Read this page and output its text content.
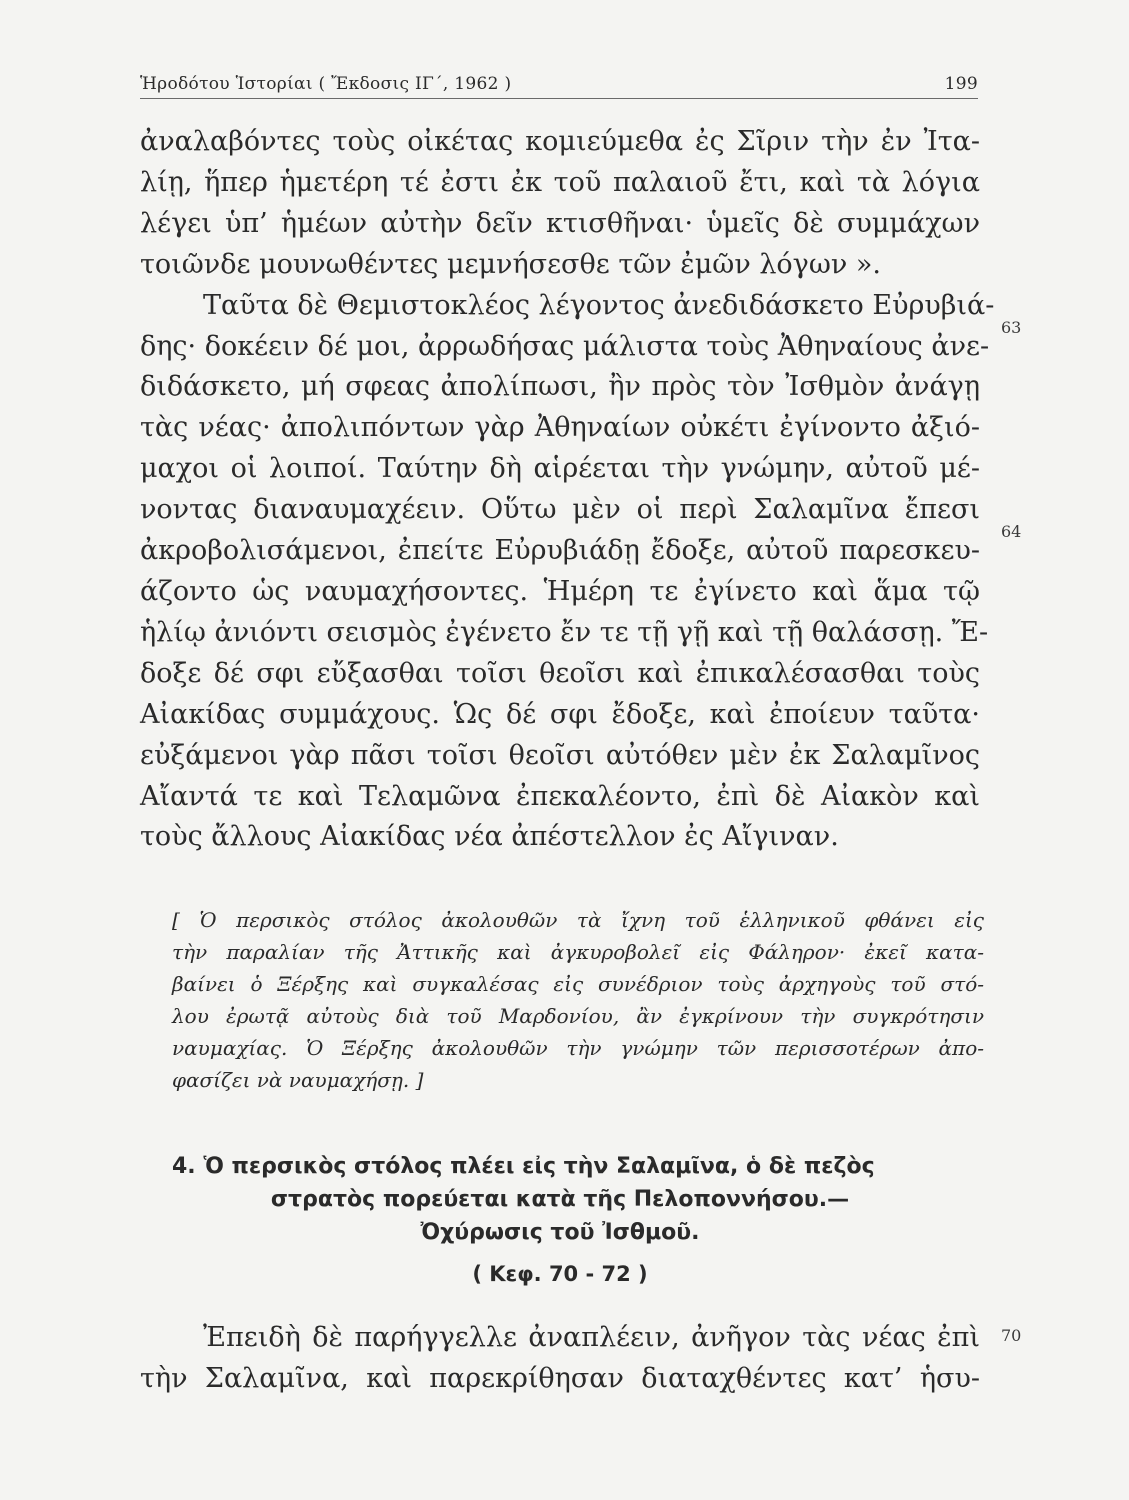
Ἡροδότου Ἱστορίαι ( Ἔκδοσις ΙΓ΄, 1962 )	199
ἀναλαβόντες τοὺς οἰκέτας κομιεύμεθα ἐς Σῖριν τὴν ἐν Ἰτα-
λίῃ, ἥπερ ἡμετέρη τέ ἐστι ἐκ τοῦ παλαιοῦ ἔτι, καὶ τὰ λόγια
λέγει ὑπ’ ἡμέων αὐτὴν δεῖν κτισθῆναι· ὑμεῖς δὲ συμμάχων
τοιῶνδε μουνωθέντες μεμνήσεσθε τῶν ἐμῶν λόγων ».
Ταῦτα δὲ Θεμιστοκλέος λέγοντος ἀνεδιδάσκετο Εὐρυβιά-
δης· δοκέειν δέ μοι, ἀρρωδήσας μάλιστα τοὺς Ἀθηναίους ἀνε-
διδάσκετο, μή σφεας ἀπολίπωσι, ἢν πρὸς τὸν Ἰσθμὸν ἀνάγῃ
τὰς νέας· ἀπολιπόντων γὰρ Ἀθηναίων οὐκέτι ἐγίνοντο ἀξιό-
μαχοι οἱ λοιποί. Ταύτην δὴ αἱρέεται τὴν γνώμην, αὐτοῦ μέ-
νοντας διαναυμαχέειν. Οὕτω μὲν οἱ περὶ Σαλαμῖνα ἔπεσι
ἀκροβολισάμενοι, ἐπείτε Εὐρυβιάδῃ ἔδοξε, αὐτοῦ παρεσκευ-
άζοντο ὡς ναυμαχήσοντες. Ἡμέρη τε ἐγίνετο καὶ ἅμα τῷ
ἡλίῳ ἀνιόντι σεισμὸς ἐγένετο ἔν τε τῇ γῇ καὶ τῇ θαλάσσῃ. Ἔ-
δοξε δέ σφι εὔξασθαι τοῖσι θεοῖσι καὶ ἐπικαλέσασθαι τοὺς
Αἰακίδας συμμάχους. Ὡς δέ σφι ἔδοξε, καὶ ἐποίευν ταῦτα·
εὐξάμενοι γὰρ πᾶσι τοῖσι θεοῖσι αὐτόθεν μὲν ἐκ Σαλαμῖνος
Αἴαντά τε καὶ Τελαμῶνα ἐπεκαλέοντο, ἐπὶ δὲ Αἰακὸν καὶ
τοὺς ἄλλους Αἰακίδας νέα ἀπέστελλον ἐς Αἴγιναν.
63
64
70
[ Ὁ περσικὸς στόλος ἀκολουθῶν τὰ ἴχνη τοῦ ἑλληνικοῦ φθάνει εἰς
τὴν παραλίαν τῆς Ἀττικῆς καὶ ἀγκυροβολεῖ εἰς Φάληρον· ἐκεῖ κατα-
βαίνει ὁ Ξέρξης καὶ συγκαλέσας εἰς συνέδριον τοὺς ἀρχηγοὺς τοῦ στό-
λου ἐρωτᾷ αὐτοὺς διὰ τοῦ Μαρδονίου, ἂν ἐγκρίνουν τὴν συγκρότησιν
ναυμαχίας. Ὁ Ξέρξης ἀκολουθῶν τὴν γνώμην τῶν περισσοτέρων ἀπο-
φασίζει νὰ ναυμαχήσῃ. ]
4. Ὁ περσικὸς στόλος πλέει εἰς τὴν Σαλαμῖνα, ὁ δὲ πεζὸς
στρατὸς πορεύεται κατὰ τῆς Πελοποννήσου.—
Ὀχύρωσις τοῦ Ἰσθμοῦ.
( Κεφ. 70 - 72 )
Ἐπειδὴ δὲ παρήγγελλε ἀναπλέειν, ἀνῆγον τὰς νέας ἐπὶ
τὴν Σαλαμῖνα, καὶ παρεκρίθησαν διαταχθέντες κατ’ ἡσυ-
